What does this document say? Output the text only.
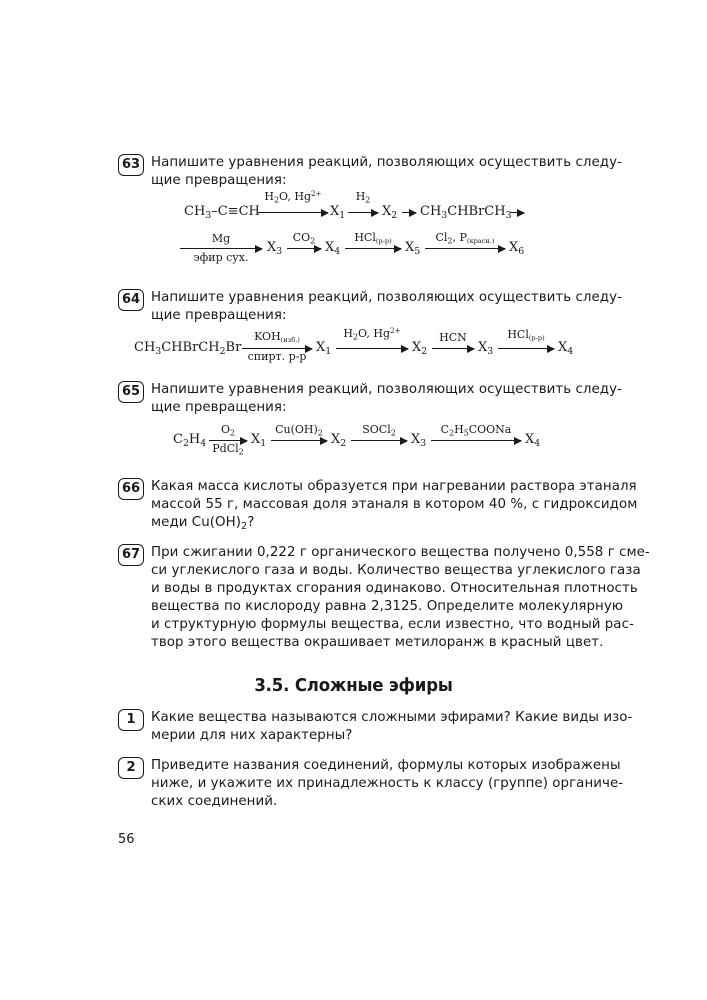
63 Напишите уравнения реакций, позволяющих осуществить следу-
щие превращения:
$CH_3-C\equiv CH$
$H_2O$, $Hg^{2+}$
$X_1$
$H_2$
→ $X_2$ $CH_3CHBrCH_3$
Mg
эфир сух.
$X_3$
$CO_2 \to X_4$
HCl$_{(р-р)}$	$X_5$
$Cl_2$, $P_{(красн.)}$	$X_6$
64 Напишите уравнения реакций, позволяющих осуществить следу-
щие превращения:
$CH_3CHBrCH_2Br$
$KOH_{(изб.)}$
спирт. р-р
$X_1$
$H_2O$, $Hg^{2+}$
$X_2$
HCN
→ $X_3$
HCl$_{(р-р)}$
$X_4$
65 Напишите уравнения реакций, позволяющих осуществить следу-
щие превращения:
$C_2H_4$
$O_2$
PdCl$_2$
$X_1$
$Cu(OH)_2$ $X_2$
SOCl$_2$	$X_3$
$C_2H_5COONa$
$X_4$
66 Какая масса кислоты образуется при нагревании раствора этаналя
массой 55 г, массовая доля этаналя в котором 40 %, с гидроксидом
меди $Cu(OH)_2$?
67 При сжигании 0,222 г органического вещества получено 0,558 г сме-
си углекислого газа и воды. Количество вещества углекислого газа
и воды в продуктах сгорания одинаково. Относительная плотность
вещества по кислороду равна 2,3125. Определите молекулярную
и структурную формулы вещества, если известно, что водный рас-
твор этого вещества окрашивает метилоранж в красный цвет.
3.5. Сложные эфиры
1	Какие вещества называются сложными эфирами? Какие виды изо-
мерии для них характерны?
2	Приведите названия соединений, формулы которых изображены
ниже, и укажите их принадлежность к классу (группе) органиче-
ских соединений.
56
